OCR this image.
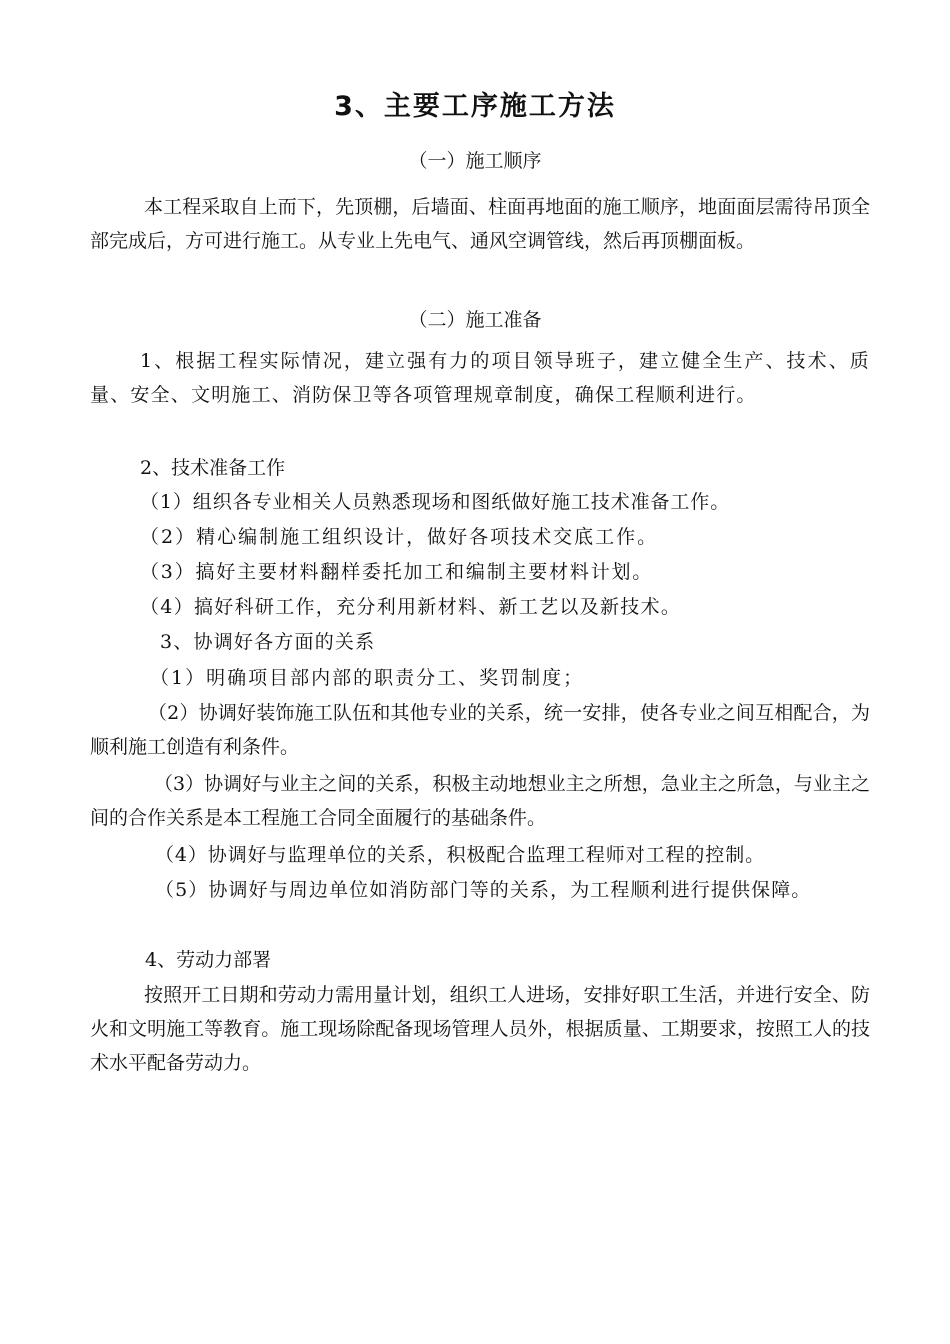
3、主要工序施工方法
（一）施工顺序
本工程采取自上而下，先顶棚，后墙面、柱面再地面的施工顺序，地面面层需待吊顶全部完成后，方可进行施工。从专业上先电气、通风空调管线，然后再顶棚面板。
（二）施工准备
1、根据工程实际情况，建立强有力的项目领导班子，建立健全生产、技术、质量、安全、文明施工、消防保卫等各项管理规章制度，确保工程顺利进行。
2、技术准备工作
（1）组织各专业相关人员熟悉现场和图纸做好施工技术准备工作。
（2）精心编制施工组织设计，做好各项技术交底工作。
（3）搞好主要材料翻样委托加工和编制主要材料计划。
（4）搞好科研工作，充分利用新材料、新工艺以及新技术。
3、协调好各方面的关系
（1）明确项目部内部的职责分工、奖罚制度；
（2）协调好装饰施工队伍和其他专业的关系，统一安排，使各专业之间互相配合，为顺利施工创造有利条件。
（3）协调好与业主之间的关系，积极主动地想业主之所想，急业主之所急，与业主之间的合作关系是本工程施工合同全面履行的基础条件。
（4）协调好与监理单位的关系，积极配合监理工程师对工程的控制。
（5）协调好与周边单位如消防部门等的关系，为工程顺利进行提供保障。
4、劳动力部署
按照开工日期和劳动力需用量计划，组织工人进场，安排好职工生活，并进行安全、防火和文明施工等教育。施工现场除配备现场管理人员外，根据质量、工期要求，按照工人的技术水平配备劳动力。
